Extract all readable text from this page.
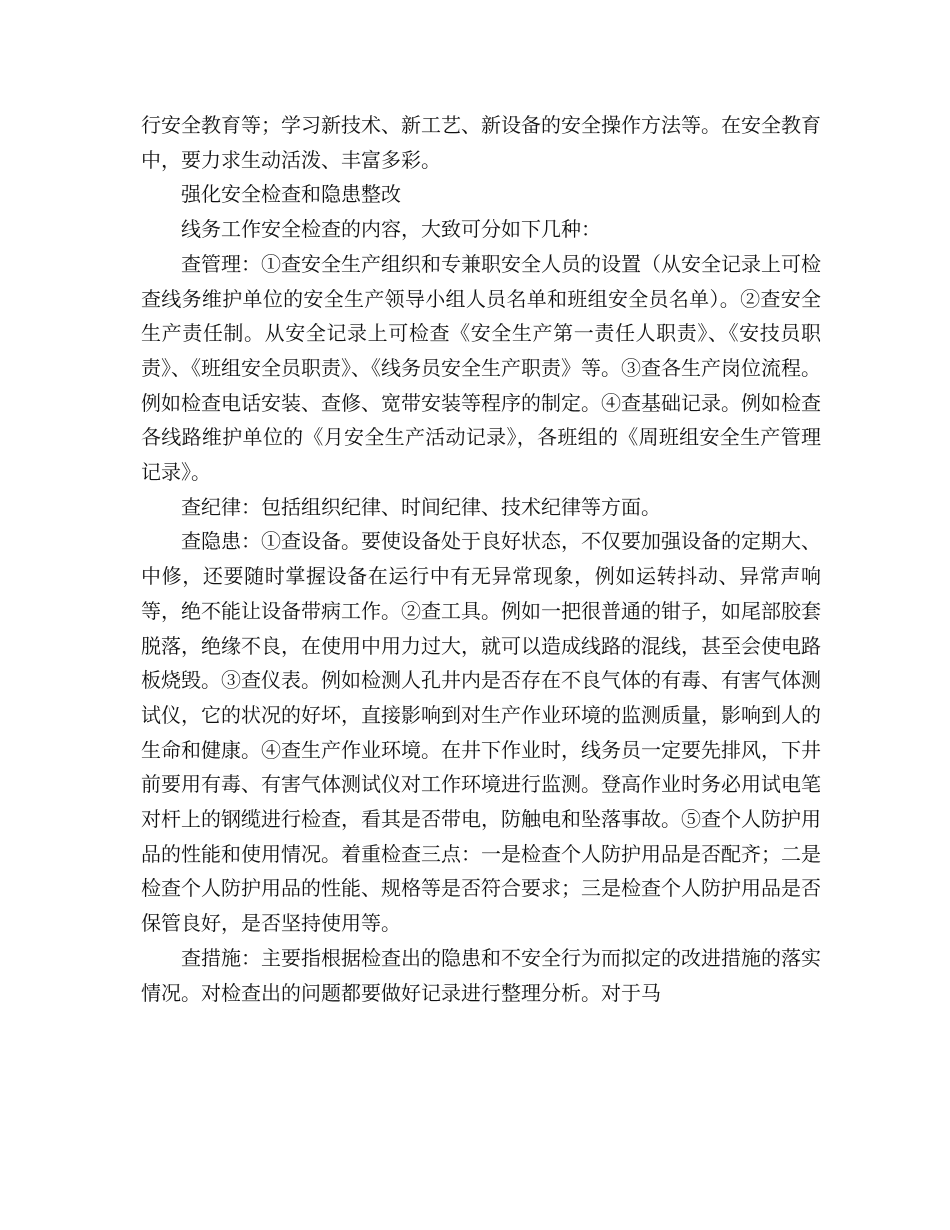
行安全教育等；学习新技术、新工艺、新设备的安全操作方法等。在安全教育中，要力求生动活泼、丰富多彩。

强化安全检查和隐患整改

线务工作安全检查的内容，大致可分如下几种：

查管理：①查安全生产组织和专兼职安全人员的设置（从安全记录上可检查线务维护单位的安全生产领导小组人员名单和班组安全员名单）。②查安全生产责任制。从安全记录上可检查《安全生产第一责任人职责》、《安技员职责》、《班组安全员职责》、《线务员安全生产职责》等。③查各生产岗位流程。例如检查电话安装、查修、宽带安装等程序的制定。④查基础记录。例如检查各线路维护单位的《月安全生产活动记录》，各班组的《周班组安全生产管理记录》。

查纪律：包括组织纪律、时间纪律、技术纪律等方面。

查隐患：①查设备。要使设备处于良好状态，不仅要加强设备的定期大、中修，还要随时掌握设备在运行中有无异常现象，例如运转抖动、异常声响等，绝不能让设备带病工作。②查工具。例如一把很普通的钳子，如尾部胶套脱落，绝缘不良，在使用中用力过大，就可以造成线路的混线，甚至会使电路板烧毁。③查仪表。例如检测人孔井内是否存在不良气体的有毒、有害气体测试仪，它的状况的好坏，直接影响到对生产作业环境的监测质量，影响到人的生命和健康。④查生产作业环境。在井下作业时，线务员一定要先排风，下井前要用有毒、有害气体测试仪对工作环境进行监测。登高作业时务必用试电笔对杆上的钢缆进行检查，看其是否带电，防触电和坠落事故。⑤查个人防护用品的性能和使用情况。着重检查三点：一是检查个人防护用品是否配齐；二是检查个人防护用品的性能、规格等是否符合要求；三是检查个人防护用品是否保管良好，是否坚持使用等。

查措施：主要指根据检查出的隐患和不安全行为而拟定的改进措施的落实情况。对检查出的问题都要做好记录进行整理分析。对于马
